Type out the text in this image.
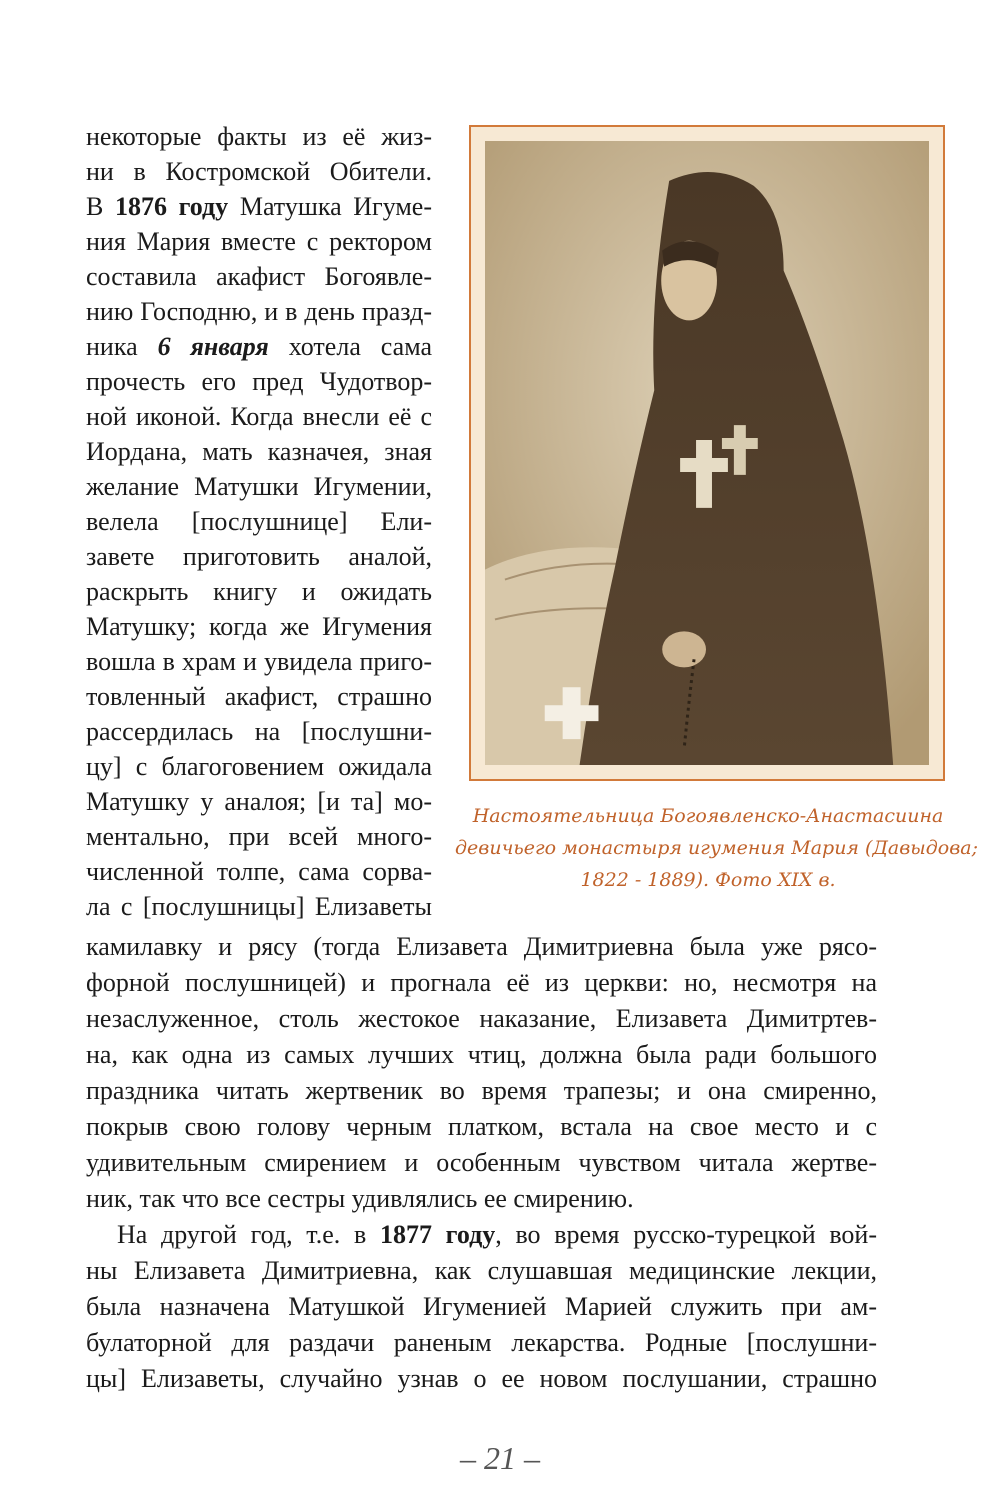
некоторые факты из её жиз-

ни в Костромской Обители.

В 1876 году Матушка Игуме-

ния Мария вместе с ректором

составила акафист Богоявле-

нию Господню, и в день празд-

ника 6 января хотела сама

прочесть его пред Чудотвор-

ной иконой. Когда внесли её с

Иордана, мать казначея, зная

желание Матушки Игумении,

велела [послушнице] Ели-

завете приготовить аналой,

раскрыть книгу и ожидать

Матушку; когда же Игумения

вошла в храм и увидела приго-

товленный акафист, страшно

рассердилась на [послушни-

цу] с благоговением ожидала

Матушку у аналоя; [и та] мо-

ментально, при всей много-

численной толпе, сама сорва-

ла с [послушницы] Елизаветы

Настоятельница Богоявленско-Анастасиина
девичьего монастыря игумения Мария (Давыдова;
1822 - 1889). Фото XIX в.

камилавку и рясу (тогда Елизавета Димитриевна была уже рясо-

форной послушницей) и прогнала её из церкви: но, несмотря на

незаслуженное, столь жестокое наказание, Елизавета Димитртев-

на, как одна из самых лучших чтиц, должна была ради большого

праздника читать жертвеник во время трапезы; и она смиренно,

покрыв свою голову черным платком, встала на свое место и с

удивительным смирением и особенным чувством читала жертве-

ник, так что все сестры удивлялись ее смирению.

На другой год, т.е. в 1877 году, во время русско-турецкой вой-

ны Елизавета Димитриевна, как слушавшая медицинские лекции,

была назначена Матушкой Игуменией Марией служить при ам-

булаторной для раздачи раненым лекарства. Родные [послушни-

цы] Елизаветы, случайно узнав о ее новом послушании, страшно

– 21 –
